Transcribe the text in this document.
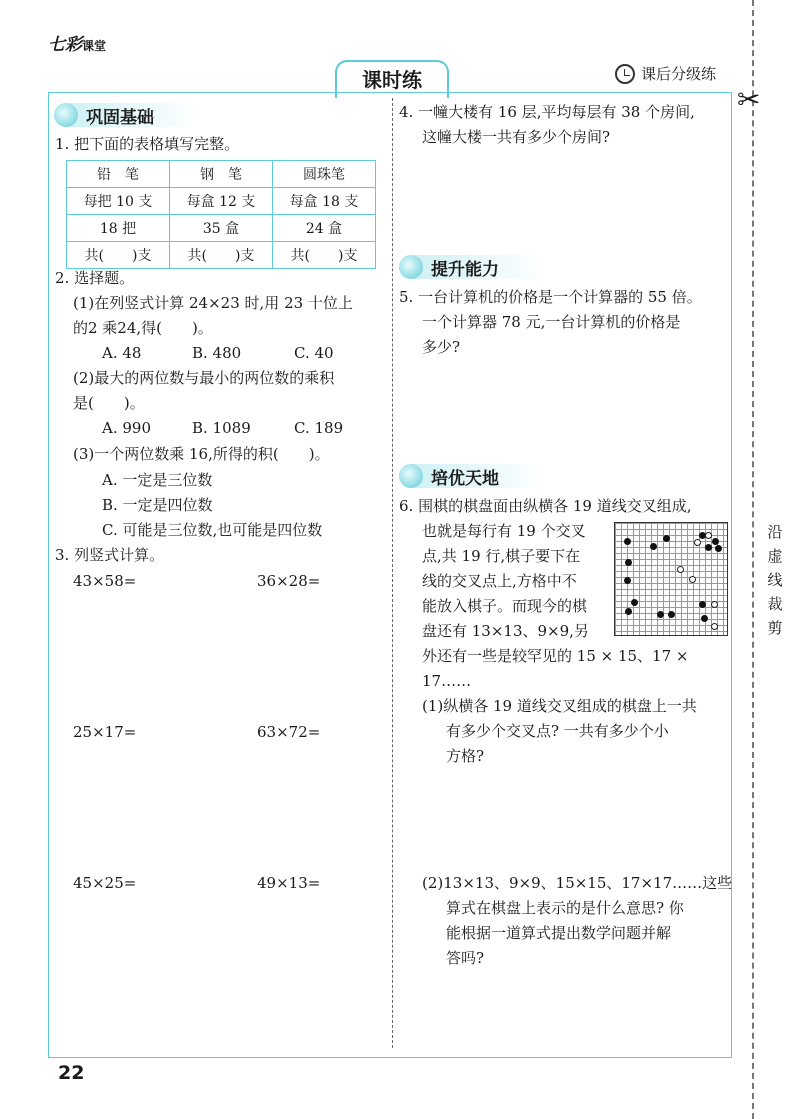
七彩课堂
课时练	课后分级练
✂
沿虚线裁剪
巩固基础
1. 把下面的表格填写完整。
铅　笔	钢　笔	圆珠笔
每把 10 支	每盒 12 支	每盒 18 支
18 把	35 盒	24 盒
共(　　)支	共(　　)支	共(　　)支
2. 选择题。
(1)在列竖式计算 24×23 时,用 23 十位上
的2 乘24,得(　　)。
A. 48	B. 480	C. 40
(2)最大的两位数与最小的两位数的乘积
是(　　)。
A. 990	B. 1089	C. 189
(3)一个两位数乘 16,所得的积(　　)。
A. 一定是三位数
B. 一定是四位数
C. 可能是三位数,也可能是四位数
3. 列竖式计算。
43×58=	36×28=
25×17=	63×72=
45×25=	49×13=
4. 一幢大楼有 16 层,平均每层有 38 个房间,
这幢大楼一共有多少个房间?
提升能力
5. 一台计算机的价格是一个计算器的 55 倍。
一个计算器 78 元,一台计算机的价格是
多少?
培优天地
6. 围棋的棋盘面由纵横各 19 道线交叉组成,
也就是每行有 19 个交叉
点,共 19 行,棋子要下在
线的交叉点上,方格中不
能放入棋子。而现今的棋
盘还有 13×13、9×9,另
外还有一些是较罕见的 15 × 15、17 ×
17……
(1)纵横各 19 道线交叉组成的棋盘上一共
有多少个交叉点? 一共有多少个小
方格?
(2)13×13、9×9、15×15、17×17……这些
算式在棋盘上表示的是什么意思? 你
能根据一道算式提出数学问题并解
答吗?
22
